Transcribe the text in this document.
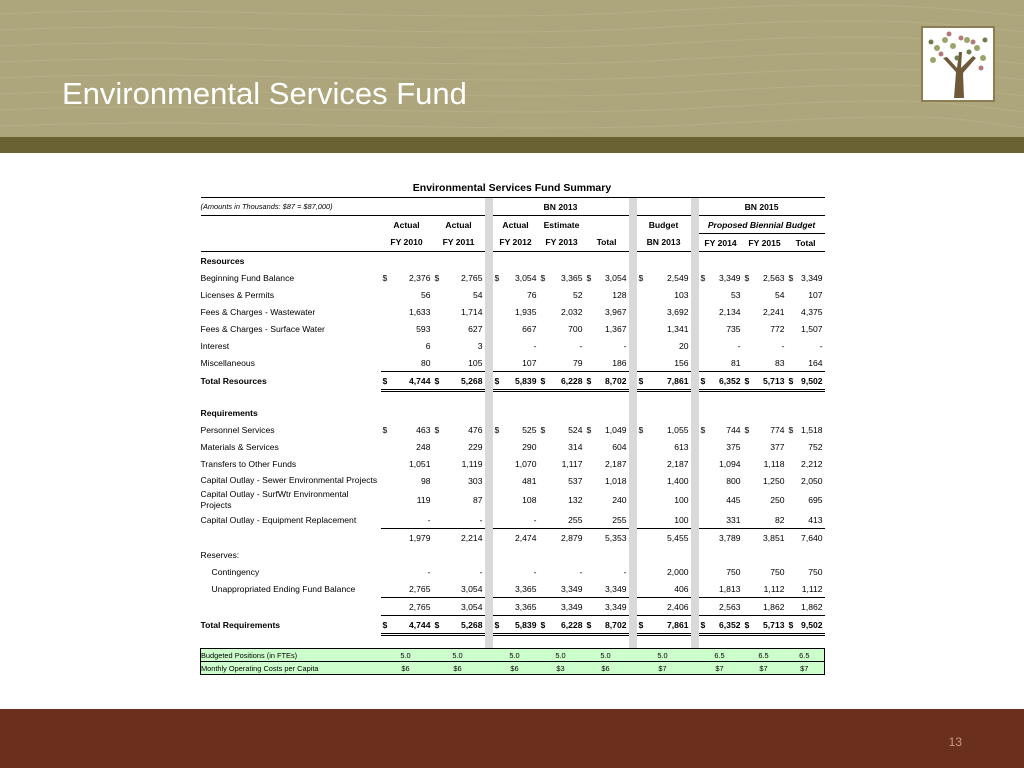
Environmental Services Fund
Environmental Services Fund Summary
(Amounts in Thousands: $87 = $87,000)				BN 2013						BN 2015		
	Actual	Actual		Actual	Estimate			Budget		Proposed Biennial Budget		
	FY 2010	FY 2011		FY 2012	FY 2013	Total		BN 2013		FY 2014	FY 2015	Total
Resources												
Beginning Fund Balance	$ 2,376	$ 2,765		$ 3,054	$ 3,365	$ 3,054		$ 2,549		$ 3,349	$ 2,563	$ 3,349
Licenses & Permits	56	54		76	52	128		103		53	54	107
Fees & Charges - Wastewater	1,633	1,714		1,935	2,032	3,967		3,692		2,134	2,241	4,375
Fees & Charges - Surface Water	593	627		667	700	1,367		1,341		735	772	1,507
Interest	6	3		-	-	-		20		-	-	-
Miscellaneous	80	105		107	79	186		156		81	83	164
Total Resources	$ 4,744	$ 5,268		$ 5,839	$ 6,228	$ 8,702		$ 7,861		$ 6,352	$ 5,713	$ 9,502

Requirements												
Personnel Services	$ 463	$ 476		$ 525	$ 524	$ 1,049		$ 1,055		$ 744	$ 774	$ 1,518
Materials & Services	248	229		290	314	604		613		375	377	752
Transfers to Other Funds	1,051	1,119		1,070	1,117	2,187		2,187		1,094	1,118	2,212
Capital Outlay - Sewer Environmental Projects	98	303		481	537	1,018		1,400		800	1,250	2,050
Capital Outlay - SurfWtr Environmental Projects	119	87		108	132	240		100		445	250	695
Capital Outlay - Equipment Replacement	-	-		-	255	255		100		331	82	413
	1,979	2,214		2,474	2,879	5,353		5,455		3,789	3,851	7,640
Reserves:												
Contingency	-	-		-	-	-		2,000		750	750	750
Unappropriated Ending Fund Balance	2,765	3,054		3,365	3,349	3,349		406		1,813	1,112	1,112
	2,765	3,054		3,365	3,349	3,349		2,406		2,563	1,862	1,862
Total Requirements	$ 4,744	$ 5,268		$ 5,839	$ 6,228	$ 8,702		$ 7,861		$ 6,352	$ 5,713	$ 9,502

Budgeted Positions (in FTEs)	5.0	5.0		5.0	5.0	5.0		5.0		6.5	6.5	6.5
Monthly Operating Costs per Capita	$6	$6		$6	$3	$6		$7		$7	$7	$7
13
